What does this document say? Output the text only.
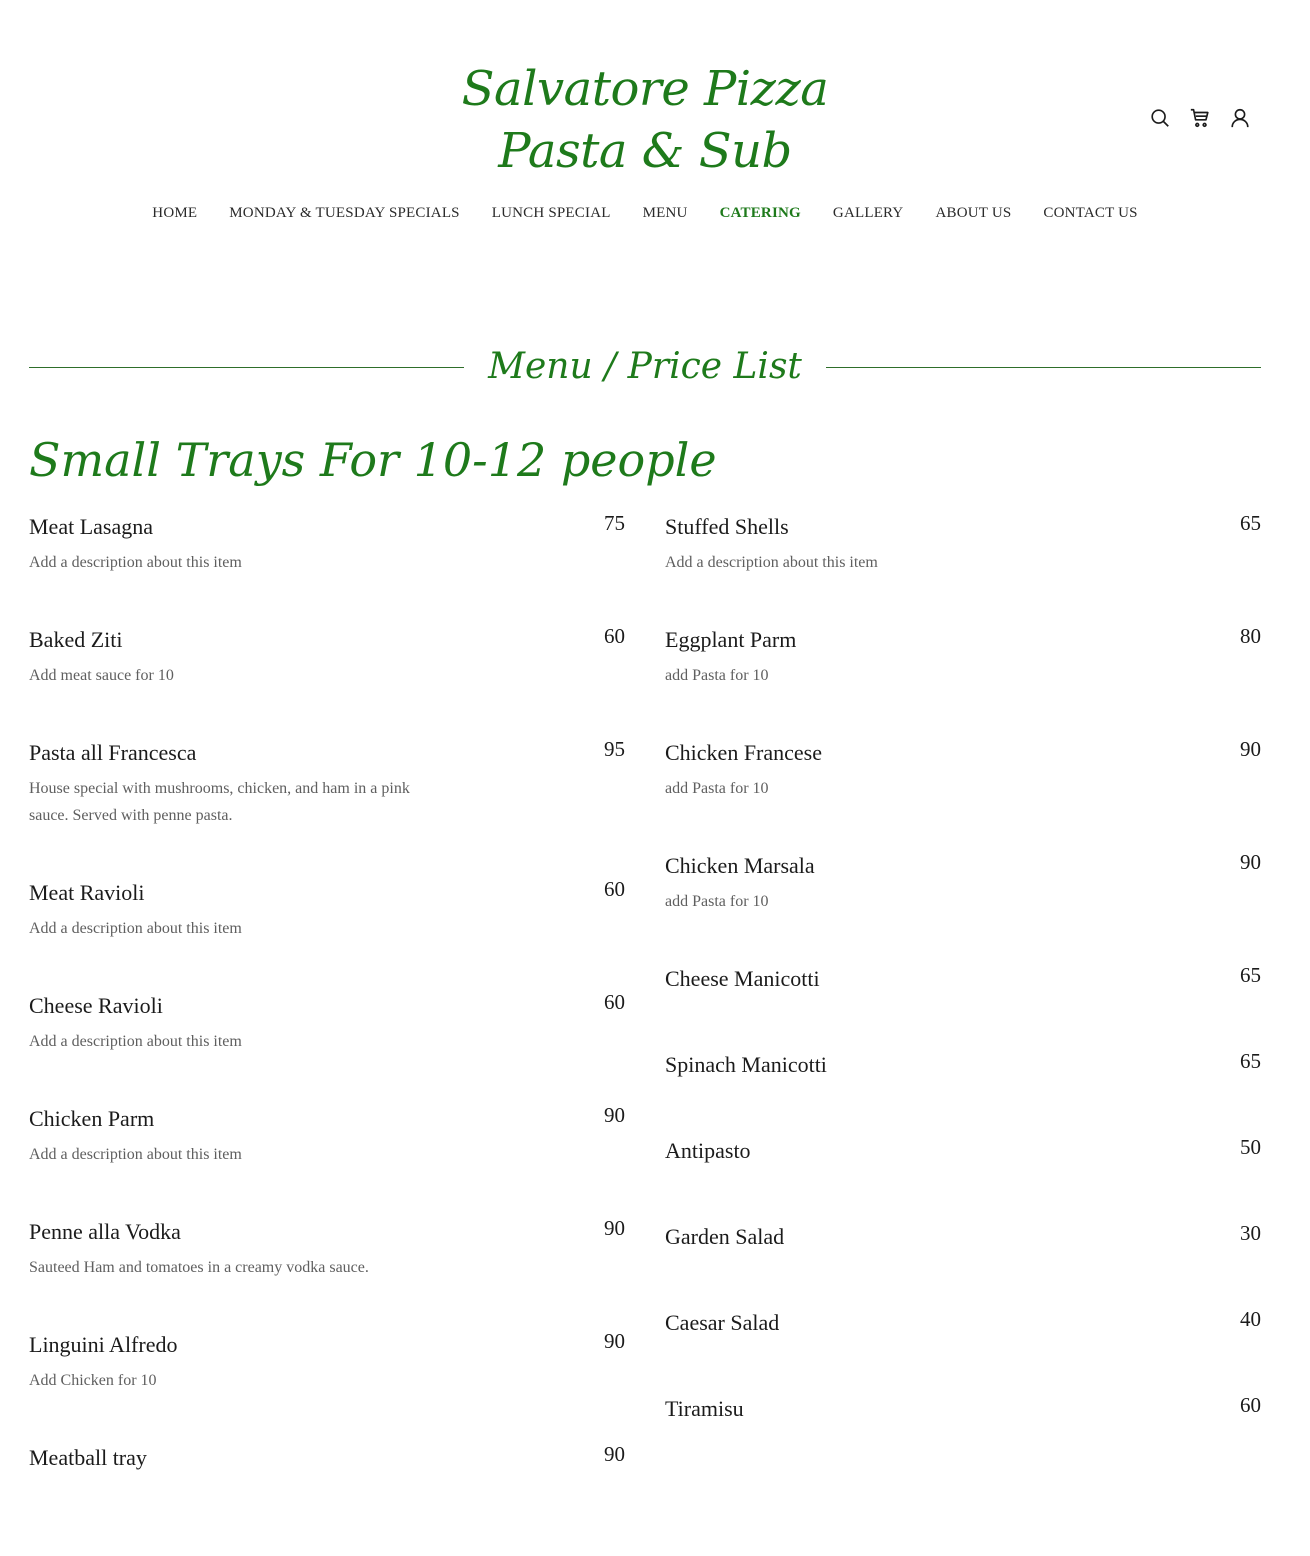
Salvatore Pizza Pasta & Sub
HOME MONDAY & TUESDAY SPECIALS LUNCH SPECIAL MENU CATERING GALLERY ABOUT US CONTACT US
Menu / Price List
Small Trays For 10-12 people
Meat Lasagna	75
Add a description about this item
Baked Ziti	60
Add meat sauce for 10
Pasta all Francesca	95
House special with mushrooms, chicken, and ham in a pink sauce. Served with penne pasta.
Meat Ravioli	60
Add a description about this item
Cheese Ravioli	60
Add a description about this item
Chicken Parm	90
Add a description about this item
Penne alla Vodka	90
Sauteed Ham and tomatoes in a creamy vodka sauce.
Linguini Alfredo	90
Add Chicken for 10
Meatball tray	90
Stuffed Shells	65
Add a description about this item
Eggplant Parm	80
add Pasta for 10
Chicken Francese	90
add Pasta for 10
Chicken Marsala	90
add Pasta for 10
Cheese Manicotti	65
Spinach Manicotti	65
Antipasto	50
Garden Salad	30
Caesar Salad	40
Tiramisu	60
